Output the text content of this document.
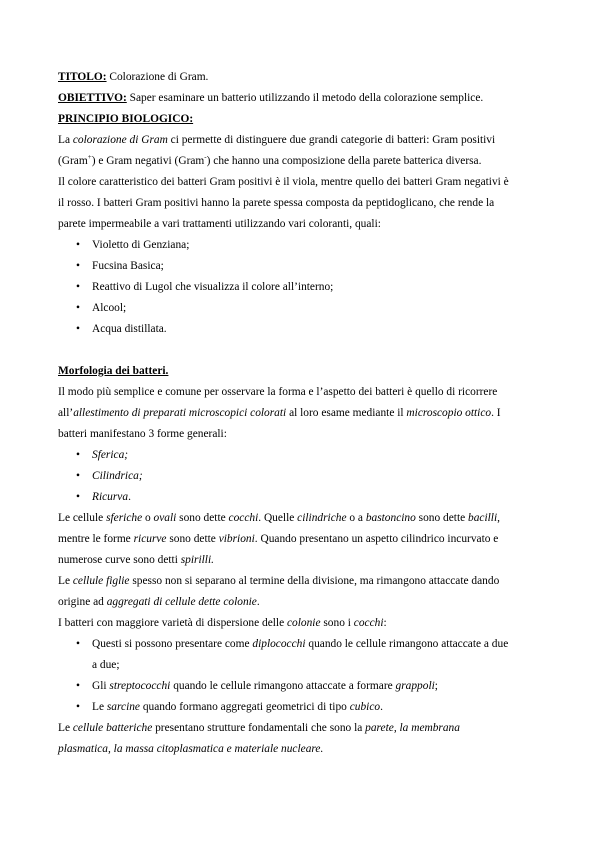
TITOLO: Colorazione di Gram.
OBIETTIVO: Saper esaminare un batterio utilizzando il metodo della colorazione semplice.
PRINCIPIO BIOLOGICO:
La colorazione di Gram ci permette di distinguere due grandi categorie di batteri: Gram positivi
(Gram+) e Gram negativi (Gram-) che hanno una composizione della parete batterica diversa.
Il colore caratteristico dei batteri Gram positivi è il viola, mentre quello dei batteri Gram negativi è
il rosso. I batteri Gram positivi hanno la parete spessa composta da peptidoglicano, che rende la
parete impermeabile a vari trattamenti utilizzando vari coloranti, quali:
• Violetto di Genziana;
• Fucsina Basica;
• Reattivo di Lugol che visualizza il colore all’interno;
• Alcool;
• Acqua distillata.
Morfologia dei batteri.
Il modo più semplice e comune per osservare la forma e l’aspetto dei batteri è quello di ricorrere
all’allestimento di preparati microscopici colorati al loro esame mediante il microscopio ottico. I
batteri manifestano 3 forme generali:
• Sferica;
• Cilindrica;
• Ricurva.
Le cellule sferiche o ovali sono dette cocchi. Quelle cilindriche o a bastoncino sono dette bacilli,
mentre le forme ricurve sono dette vibrioni. Quando presentano un aspetto cilindrico incurvato e
numerose curve sono detti spirilli.
Le cellule figlie spesso non si separano al termine della divisione, ma rimangono attaccate dando
origine ad aggregati di cellule dette colonie.
I batteri con maggiore varietà di dispersione delle colonie sono i cocchi:
• Questi si possono presentare come diplococchi quando le cellule rimangono attaccate a due
a due;
• Gli streptococchi quando le cellule rimangono attaccate a formare grappoli;
• Le sarcine quando formano aggregati geometrici di tipo cubico.
Le cellule batteriche presentano strutture fondamentali che sono la parete, la membrana
plasmatica, la massa citoplasmatica e materiale nucleare.
